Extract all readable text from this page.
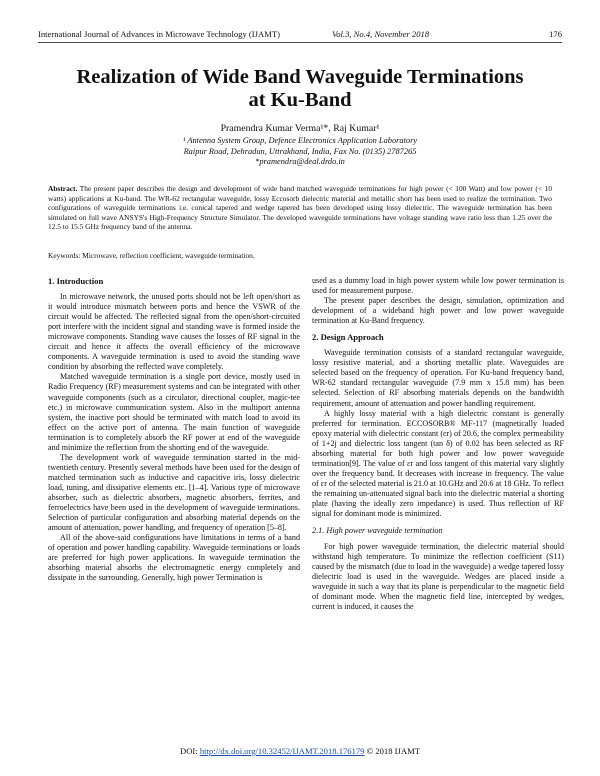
International Journal of Advances in Microwave Technology (IJAMT)	Vol.3, No.4, November 2018	176
Realization of Wide Band Waveguide Terminations at Ku-Band
Pramendra Kumar Verma¹*, Raj Kumar¹
¹ Antenna System Group, Defence Electronics Application Laboratory
Raipur Road, Dehradun, Uttrakhand, India, Fax No. (0135) 2787265
*pramendra@deal.drdo.in
Abstract. The present paper describes the design and development of wide band matched waveguide terminations for high power (< 100 Watt) and low power (< 10 watts) applications at Ku-band. The WR-62 rectangular waveguide, lossy Eccosorb dielectric material and metallic short has been used to realize the termination. Two configurations of waveguide terminations i.e. conical tapered and wedge tapered has been developed using lossy dielectric. The waveguide termination has been simulated on full wave ANSYS's High-Frequency Structure Simulator. The developed waveguide terminations have voltage standing wave ratio less than 1.25 over the 12.5 to 15.5 GHz frequency band of the antenna.
Keywords: Microwave, reflection coefficient, waveguide termination.
1. Introduction

In microwave network, the unused ports should not be left open/short as it would introduce mismatch between ports and hence the VSWR of the circuit would be affected. The reflected signal from the open/short-circuited port interfere with the incident signal and standing wave is formed inside the microwave components. Standing wave causes the losses of RF signal in the circuit and hence it affects the overall efficiency of the microwave components. A waveguide termination is used to avoid the standing wave condition by absorbing the reflected wave completely.

Matched waveguide termination is a single port device, mostly used in Radio Frequency (RF) measurement systems and can be integrated with other waveguide components (such as a circulator, directional coupler, magic-tee etc.) in microwave communication system. Also in the multiport antenna system, the inactive port should be terminated with match load to avoid its effect on the active port of antenna. The main function of waveguide termination is to completely absorb the RF power at end of the waveguide and minimize the reflection from the shorting end of the waveguide.

The development work of waveguide termination started in the mid-twentieth century. Presently several methods have been used for the design of matched termination such as inductive and capacitive iris, lossy dielectric load, tuning, and dissipative elements etc. [1–4]. Various type of microwave absorber, such as dielectric absorbers, magnetic absorbers, ferrites, and ferroelectrics have been used in the development of waveguide terminations. Selection of particular configuration and absorbing material depends on the amount of attenuation, power handling, and frequency of operation [5–8].

All of the above-said configurations have limitations in terms of a band of operation and power handling capability. Waveguide terminations or loads are preferred for high power applications. In waveguide termination the absorbing material absorbs the electromagnetic energy completely and dissipate in the surrounding. Generally, high power Termination is

used as a dummy load in high power system while low power termination is used for measurement purpose.

The present paper describes the design, simulation, optimization and development of a wideband high power and low power waveguide termination at Ku-Band frequency.

2. Design Approach

Waveguide termination consists of a standard rectangular waveguide, lossy resistive material, and a shorting metallic plate. Waveguides are selected based on the frequency of operation. For Ku-band frequency band, WR-62 standard rectangular waveguide (7.9 mm x 15.8 mm) has been selected. Selection of RF absorbing materials depends on the bandwidth requirement, amount of attenuation and power handling requirement.

A highly lossy material with a high dielectric constant is generally preferred for termination. ECCOSORB® MF-117 (magnetically loaded epoxy material with dielectric constant (εr) of 20.6, the complex permeability of 1+2j and dielectric loss tangent (tan δ) of 0.02 has been selected as RF absorbing material for both high power and low power waveguide termination[9]. The value of εr and loss tangent of this material vary slightly over the frequency band. It decreases with increase in frequency. The value of εr of the selected material is 21.0 at 10.GHz and 20.6 at 18 GHz. To reflect the remaining un-attenuated signal back into the dielectric material a shorting plate (having the ideally zero impedance) is used. Thus reflection of RF signal for dominant mode is minimized.

2.1. High power waveguide termination

For high power waveguide termination, the dielectric material should withstand high temperature. To minimize the reflection coefficient (S11) caused by the mismatch (due to load in the waveguide) a wedge tapered lossy dielectric load is used in the waveguide. Wedges are placed inside a waveguide in such a way that its plane is perpendicular to the magnetic field of dominant mode. When the magnetic field line, intercepted by wedges, current is induced, it causes the

DOI: http://dx.doi.org/10.32452/IJAMT.2018.176179 © 2018 IJAMT
